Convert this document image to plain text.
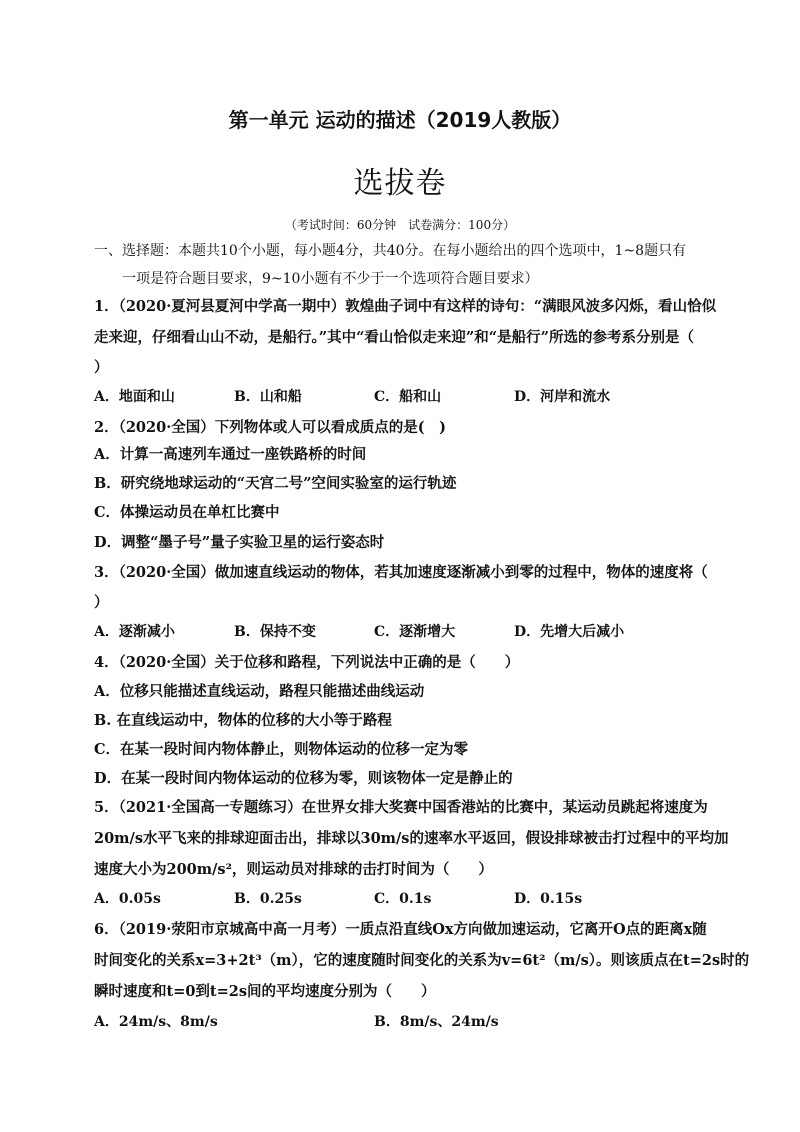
第一单元 运动的描述（2019人教版）
选拔卷
（考试时间：60分钟　试卷满分：100分）
一、选择题：本题共10个小题，每小题4分，共40分。在每小题给出的四个选项中，1~8题只有
一项是符合题目要求，9~10小题有不少于一个选项符合题目要求）
1．（2020·夏河县夏河中学高一期中）敦煌曲子词中有这样的诗句：“满眼风波多闪烁，看山恰似
走来迎，仔细看山山不动，是船行。”其中“看山恰似走来迎”和“是船行”所选的参考系分别是（
）
A．地面和山	B．山和船	C．船和山	D．河岸和流水
2．（2020·全国）下列物体或人可以看成质点的是(　)
A．计算一高速列车通过一座铁路桥的时间
B．研究绕地球运动的“天宫二号”空间实验室的运行轨迹
C．体操运动员在单杠比赛中
D．调整“墨子号”量子实验卫星的运行姿态时
3．（2020·全国）做加速直线运动的物体，若其加速度逐渐减小到零的过程中，物体的速度将（
）
A．逐渐减小	B．保持不变	C．逐渐增大	D．先增大后减小
4．（2020·全国）关于位移和路程，下列说法中正确的是（　　）
A．位移只能描述直线运动，路程只能描述曲线运动
B. 在直线运动中，物体的位移的大小等于路程
C．在某一段时间内物体静止，则物体运动的位移一定为零
D．在某一段时间内物体运动的位移为零，则该物体一定是静止的
5．（2021·全国高一专题练习）在世界女排大奖赛中国香港站的比赛中，某运动员跳起将速度为
20m/s水平飞来的排球迎面击出，排球以30m/s的速率水平返回，假设排球被击打过程中的平均加
速度大小为200m/s²，则运动员对排球的击打时间为（　　）
A．0.05s	B．0.25s	C．0.1s	D．0.15s
6．（2019·荥阳市京城高中高一月考）一质点沿直线Ox方向做加速运动，它离开O点的距离x随
时间变化的关系x=3+2t³（m），它的速度随时间变化的关系为v=6t²（m/s）。则该质点在t=2s时的
瞬时速度和t=0到t=2s间的平均速度分别为（　　）
A．24m/s、8m/s	B．8m/s、24m/s
